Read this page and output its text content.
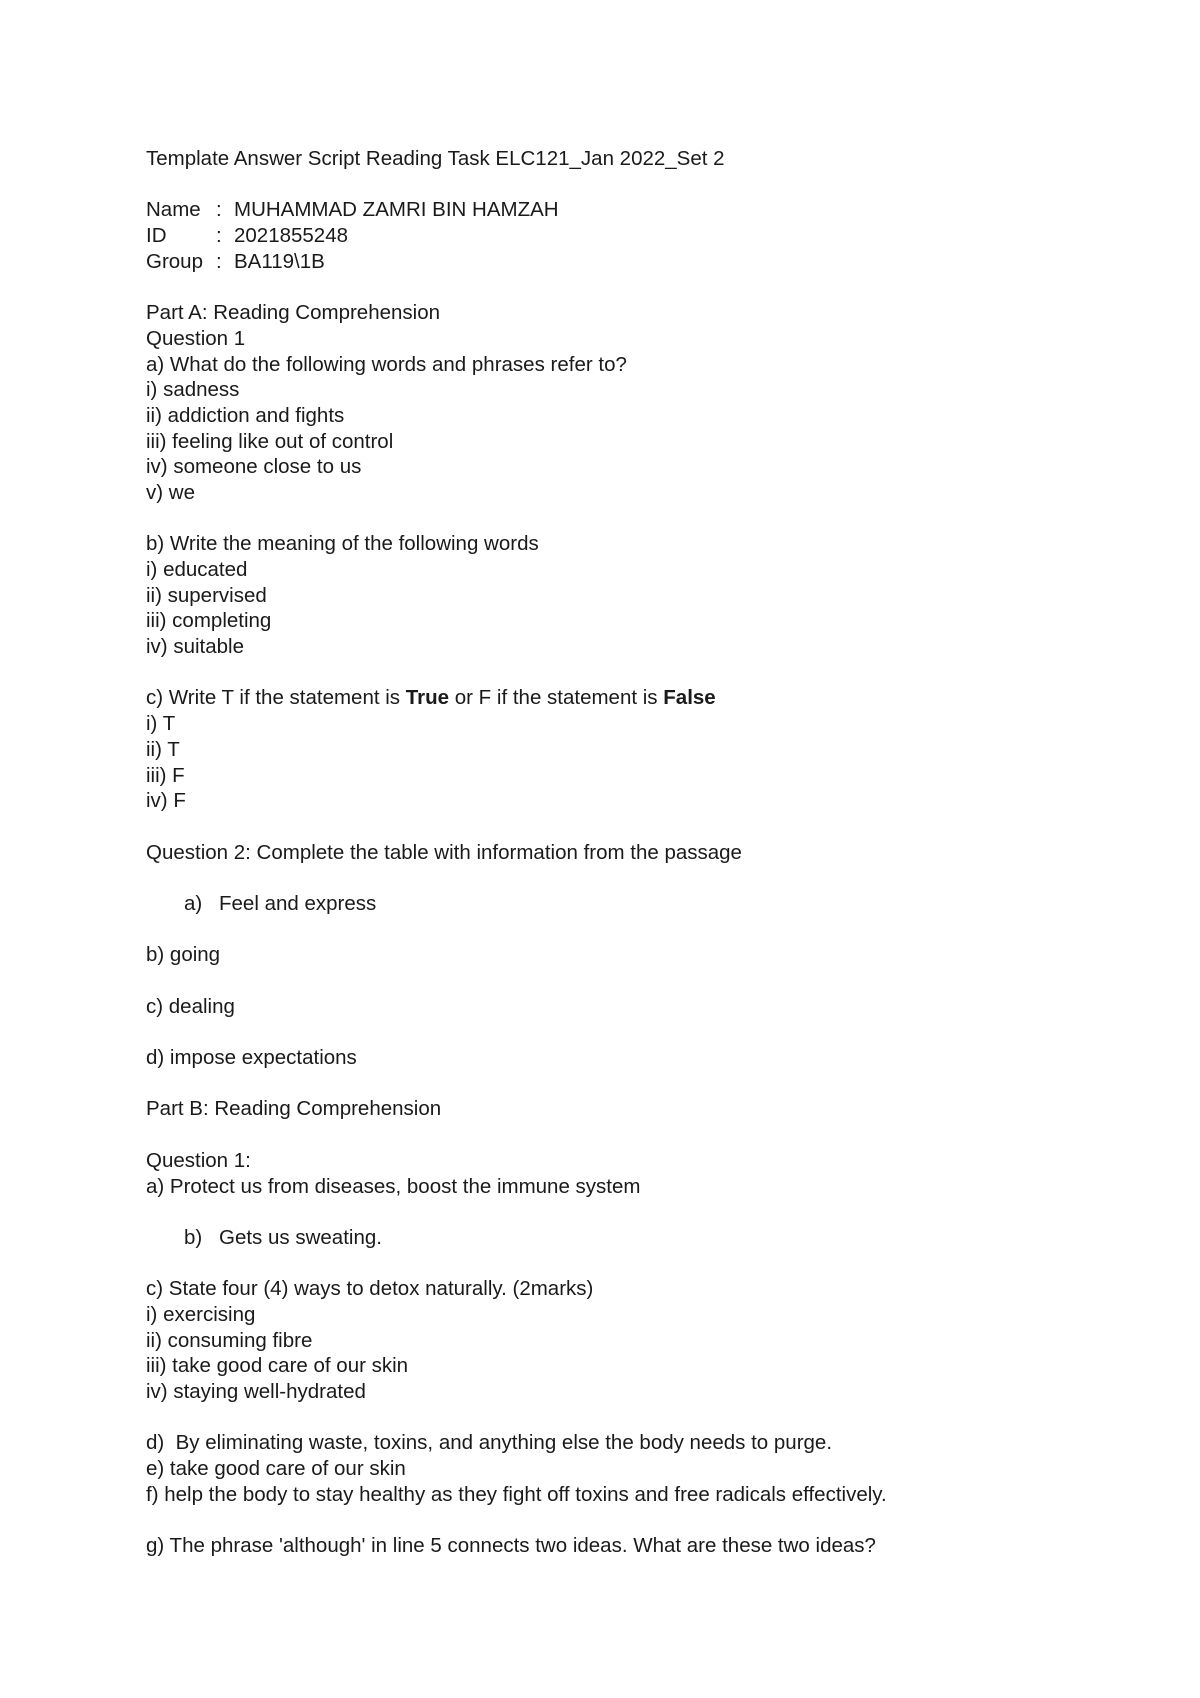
Template Answer Script Reading Task ELC121_Jan 2022_Set 2
Name : MUHAMMAD ZAMRI BIN HAMZAH
ID : 2021855248
Group : BA119\1B
Part A: Reading Comprehension
Question 1
a) What do the following words and phrases refer to?
i) sadness
ii) addiction and fights
iii) feeling like out of control
iv) someone close to us
v) we
b) Write the meaning of the following words
i) educated
ii) supervised
iii) completing
iv) suitable
c) Write T if the statement is True or F if the statement is False
i) T
ii) T
iii) F
iv) F
Question 2: Complete the table with information from the passage
a) Feel and express
b) going
c) dealing
d) impose expectations
Part B: Reading Comprehension
Question 1:
a) Protect us from diseases, boost the immune system
b) Gets us sweating.
c) State four (4) ways to detox naturally. (2marks)
i) exercising
ii) consuming fibre
iii) take good care of our skin
iv) staying well-hydrated
d)  By eliminating waste, toxins, and anything else the body needs to purge.
e) take good care of our skin
f) help the body to stay healthy as they fight off toxins and free radicals effectively.
g) The phrase 'although' in line 5 connects two ideas. What are these two ideas?
